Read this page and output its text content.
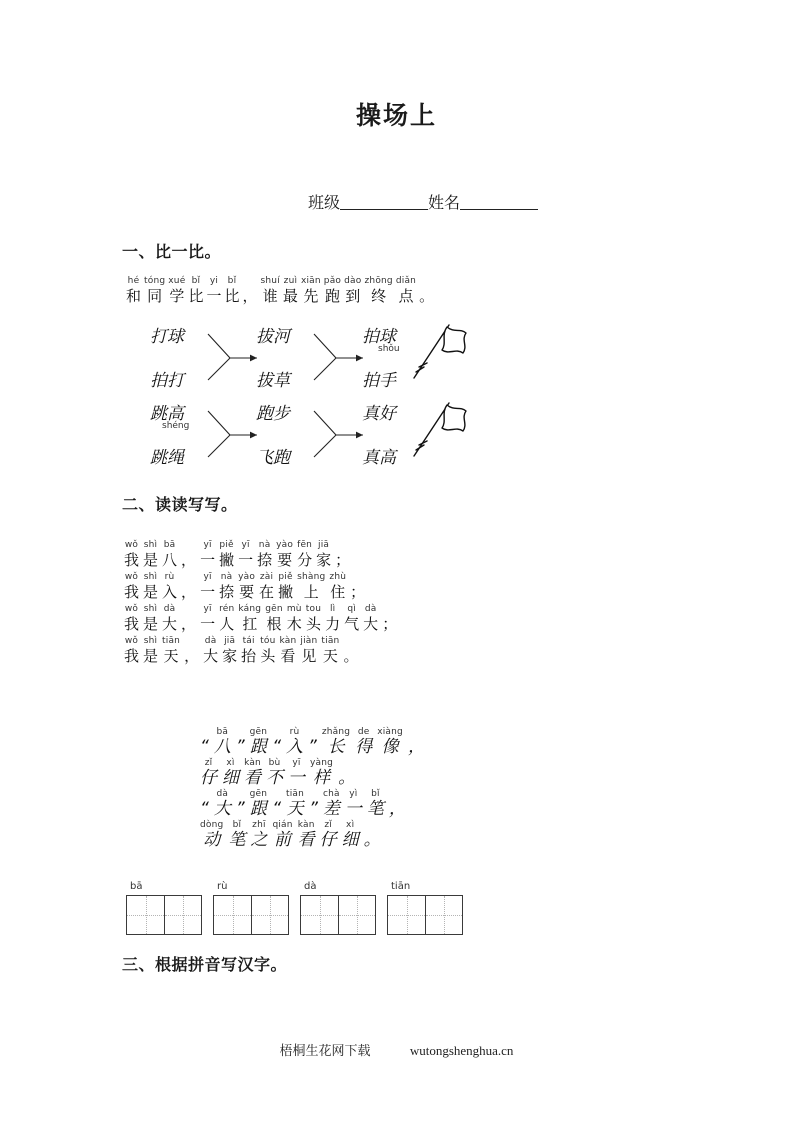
操场上
班级	姓名
一、比一比。
二、读读写写。
三、根据拼音写汉字。
hé
和
tóng
同
xué
学
bǐ
比
yi
一
bǐ
比
，
shuí
谁
zuì
最
xiān
先
pǎo
跑
dào
到
zhōng
终
diǎn
点
。
打球
拍打
拔河
拔草
拍球
shǒu
拍手
跳高
shéng
跳绳
跑步
飞跑
真好
真高
wǒ
我
shì
是
bā
八
，
yī
一
piě
撇
yī
一
nà
捺
yào
要
fēn
分
jiā
家
；
wǒ
我
shì
是
rù
入
，
yī
一
nà
捺
yào
要
zài
在
piě
撇
shàng
上
zhù
住
；
wǒ
我
shì
是
dà
大
，
yī
一
rén
人
káng
扛
gēn
根
mù
木
tou
头
lì
力
qì
气
dà
大
；
wǒ
我
shì
是
tiān
天
，
dà
大
jiā
家
tái
抬
tóu
头
kàn
看
jiàn
见
tiān
天
。

“
bā
八
”
gēn
跟
“
rù
入
”
zhǎng
长
de
得
xiàng
像
，
zǐ
仔
xì
细
kàn
看
bù
不
yī
一
yàng
样
。

“
dà
大
”
gēn
跟
“
tiān
天
”
chà
差
yì
一
bǐ
笔
，
dòng
动
bǐ
笔
zhī
之
qián
前
kàn
看
zǐ
仔
xì
细
。
bā	rù	dà	tiān
梧桐生花网下载	wutongshenghua.cn
